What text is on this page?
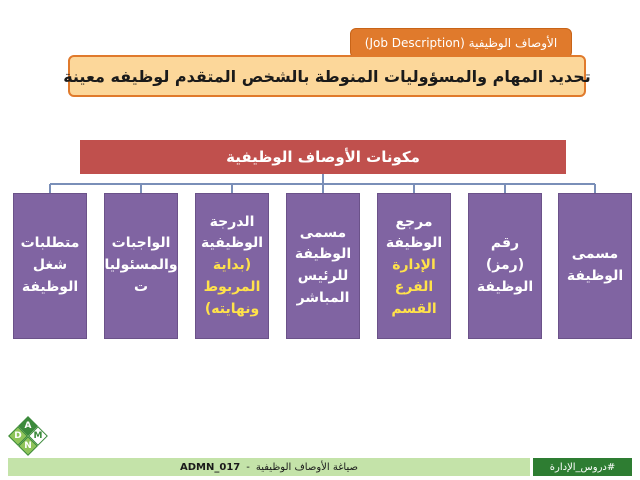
الأوصاف الوظيفية (Job Description)
تحديد المهام والمسؤوليات المنوطة بالشخص المتقدم لوظيفه معينة
مكونات الأوصاف الوظيفية
مسمى
الوظيفة
رقم (رمز)
الوظيفة
مرجع
الوظيفة
الإدارة
الفرع
القسم
مسمى
الوظيفة
للرئيس
المباشر
الدرجة
الوظيفية
(بداية
المربوط
ونهايته)
الواجبات
والمسئوليا
ت
متطلبات
شغل
الوظيفة
A
D	M
N
صياغة الأوصاف الوظيفية
-
ADMN_017	#دروس_الإدارة
